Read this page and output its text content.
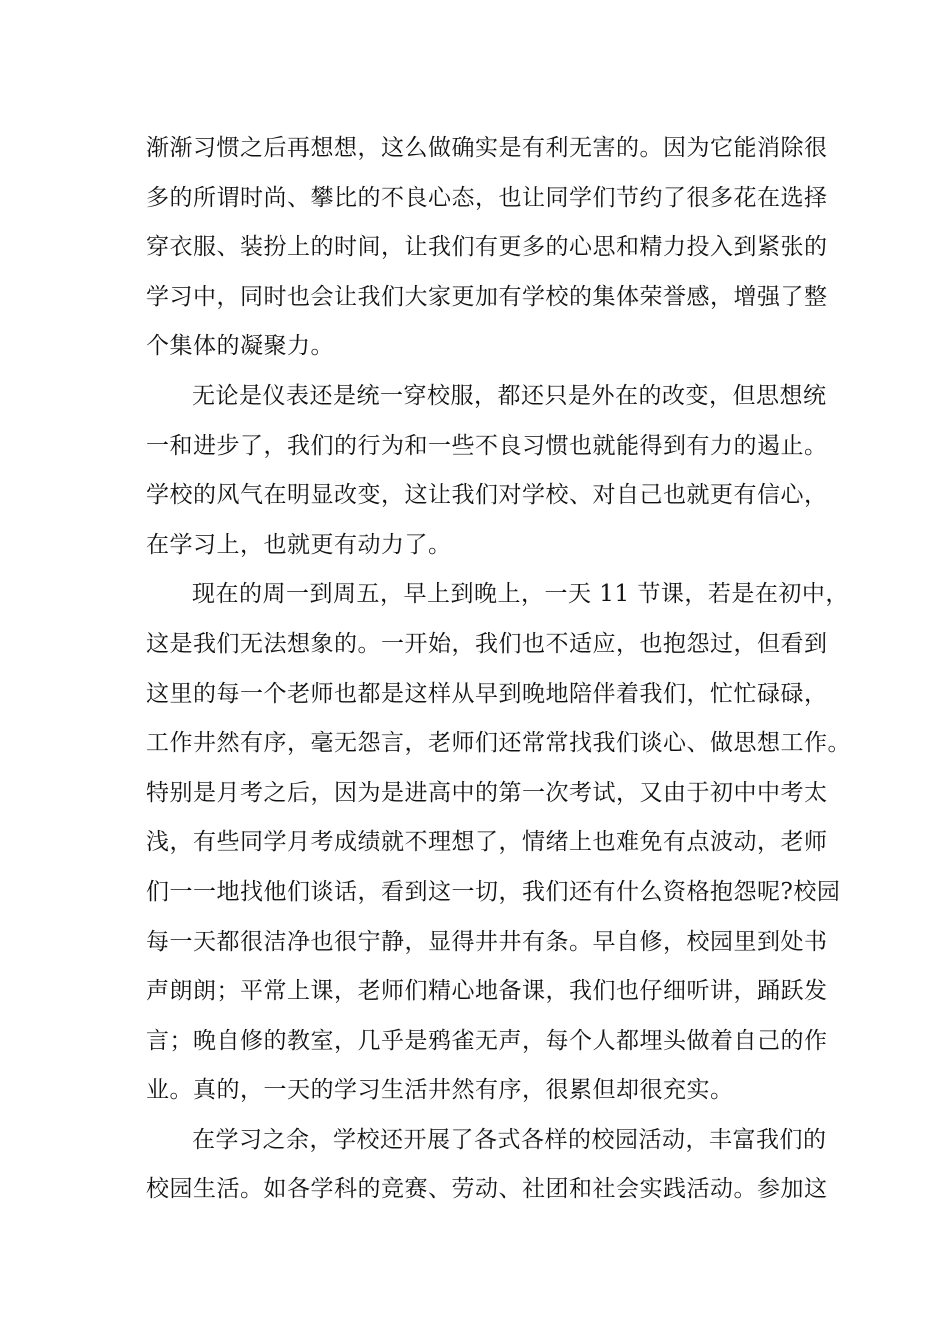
渐渐习惯之后再想想，这么做确实是有利无害的。因为它能消除很
多的所谓时尚、攀比的不良心态，也让同学们节约了很多花在选择
穿衣服、装扮上的时间，让我们有更多的心思和精力投入到紧张的
学习中，同时也会让我们大家更加有学校的集体荣誉感，增强了整
个集体的凝聚力。
无论是仪表还是统一穿校服，都还只是外在的改变，但思想统
一和进步了，我们的行为和一些不良习惯也就能得到有力的遏止。
学校的风气在明显改变，这让我们对学校、对自己也就更有信心，
在学习上，也就更有动力了。
现在的周一到周五，早上到晚上，一天 11 节课，若是在初中，
这是我们无法想象的。一开始，我们也不适应，也抱怨过，但看到
这里的每一个老师也都是这样从早到晚地陪伴着我们，忙忙碌碌，
工作井然有序，毫无怨言，老师们还常常找我们谈心、做思想工作。
特别是月考之后，因为是进高中的第一次考试，又由于初中中考太
浅，有些同学月考成绩就不理想了，情绪上也难免有点波动，老师
们一一地找他们谈话，看到这一切，我们还有什么资格抱怨呢?校园
每一天都很洁净也很宁静，显得井井有条。早自修，校园里到处书
声朗朗；平常上课，老师们精心地备课，我们也仔细听讲，踊跃发
言；晚自修的教室，几乎是鸦雀无声，每个人都埋头做着自己的作
业。真的，一天的学习生活井然有序，很累但却很充实。
在学习之余，学校还开展了各式各样的校园活动，丰富我们的
校园生活。如各学科的竞赛、劳动、社团和社会实践活动。参加这
